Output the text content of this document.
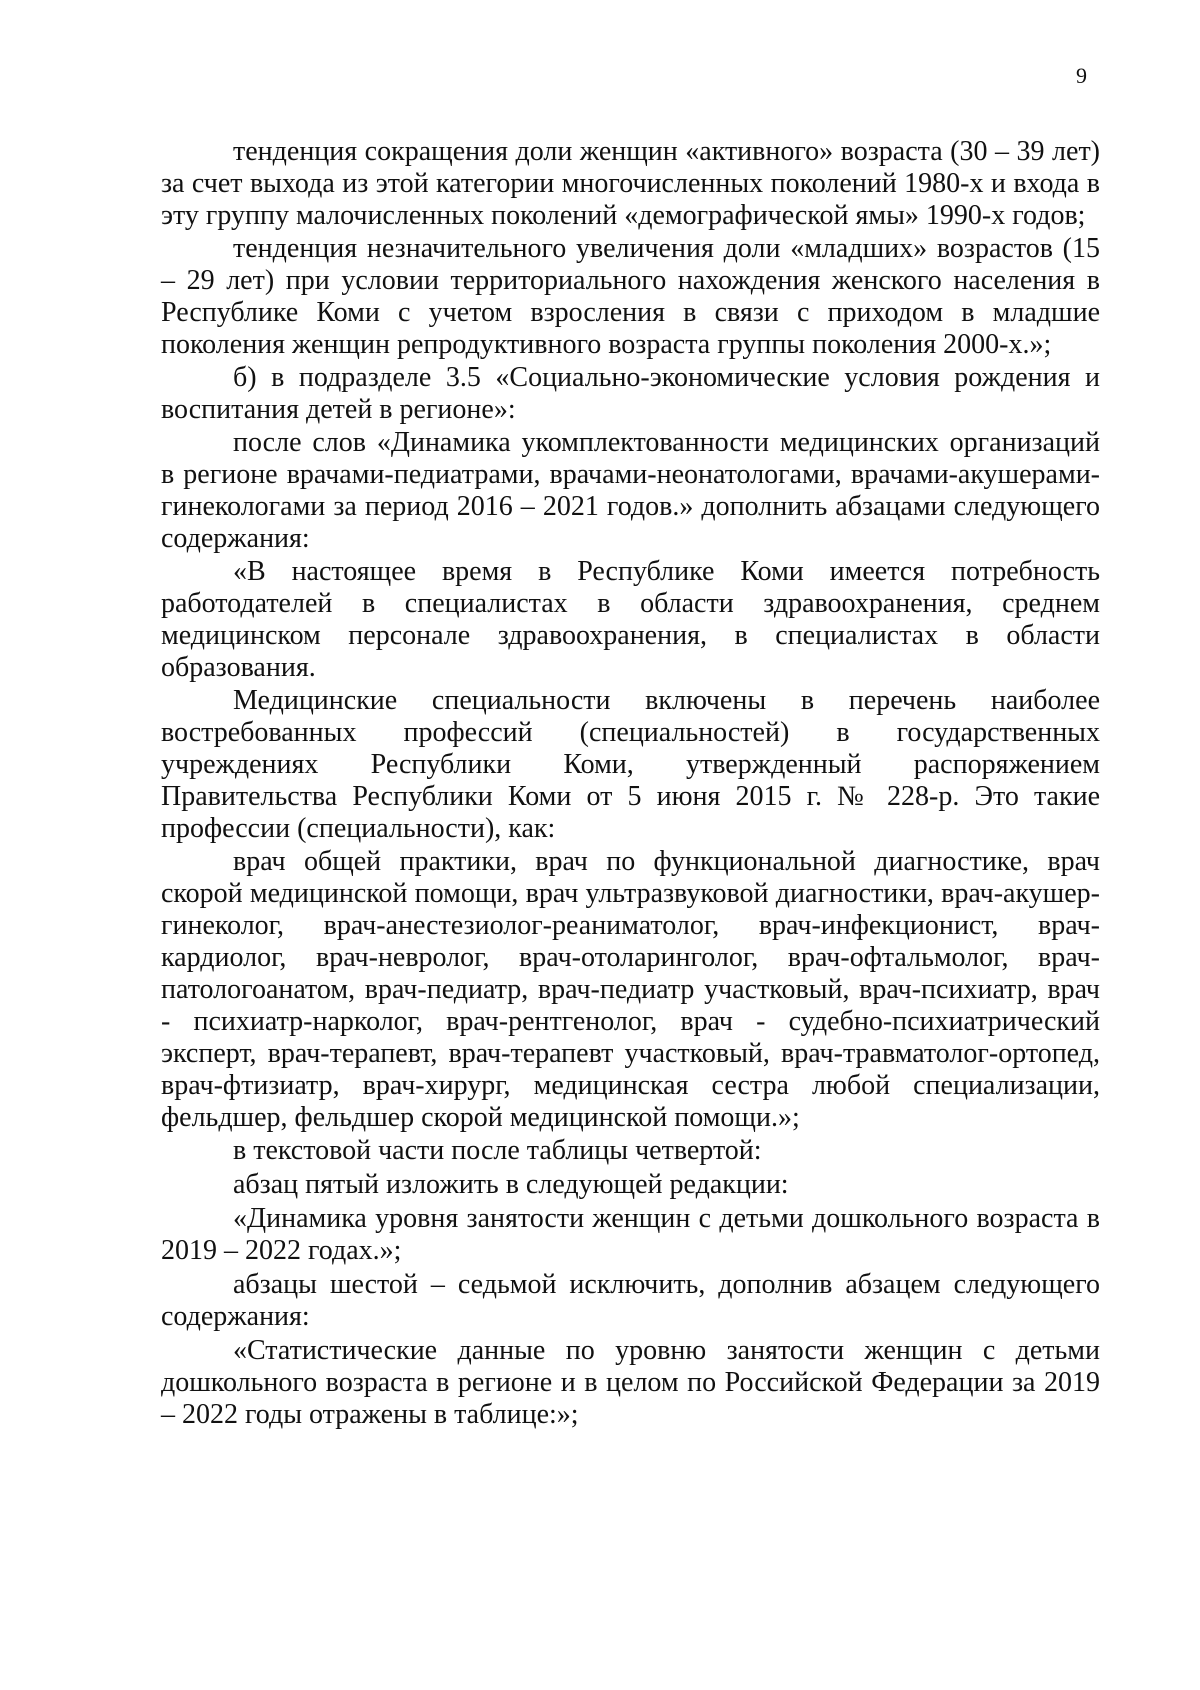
9

тенденция сокращения доли женщин «активного» возраста (30 – 39 лет) за счет выхода из этой категории многочисленных поколений 1980-х и входа в эту группу малочисленных поколений «демографической ямы» 1990-х годов;

тенденция незначительного увеличения доли «младших» возрастов (15 – 29 лет) при условии территориального нахождения женского населения в Республике Коми с учетом взросления в связи с приходом в младшие поколения женщин репродуктивного возраста группы поколения 2000-х.»;

б) в подразделе 3.5 «Социально-экономические условия рождения и воспитания детей в регионе»:

после слов «Динамика укомплектованности медицинских организаций в регионе врачами-педиатрами, врачами-неонатологами, врачами-акушерами-гинекологами за период 2016 – 2021 годов.» дополнить абзацами следующего содержания:

«В настоящее время в Республике Коми имеется потребность работодателей в специалистах в области здравоохранения, среднем медицинском персонале здравоохранения, в специалистах в области образования.

Медицинские специальности включены в перечень наиболее востребованных профессий (специальностей) в государственных учреждениях Республики Коми, утвержденный распоряжением Правительства Республики Коми от 5 июня 2015 г. № 228-р. Это такие профессии (специальности), как:

врач общей практики, врач по функциональной диагностике, врач скорой медицинской помощи, врач ультразвуковой диагностики, врач-акушер-гинеколог, врач-анестезиолог-реаниматолог, врач-инфекционист, врач-кардиолог, врач-невролог, врач-отоларинголог, врач-офтальмолог, врач-патологоанатом, врач-педиатр, врач-педиатр участковый, врач-психиатр, врач - психиатр-нарколог, врач-рентгенолог, врач - судебно-психиатрический эксперт, врач-терапевт, врач-терапевт участковый, врач-травматолог-ортопед, врач-фтизиатр, врач-хирург, медицинская сестра любой специализации, фельдшер, фельдшер скорой медицинской помощи.»;

в текстовой части после таблицы четвертой:

абзац пятый изложить в следующей редакции:

«Динамика уровня занятости женщин с детьми дошкольного возраста в 2019 – 2022 годах.»;

абзацы шестой – седьмой исключить, дополнив абзацем следующего содержания:

«Статистические данные по уровню занятости женщин с детьми дошкольного возраста в регионе и в целом по Российской Федерации за 2019 – 2022 годы отражены в таблице:»;
